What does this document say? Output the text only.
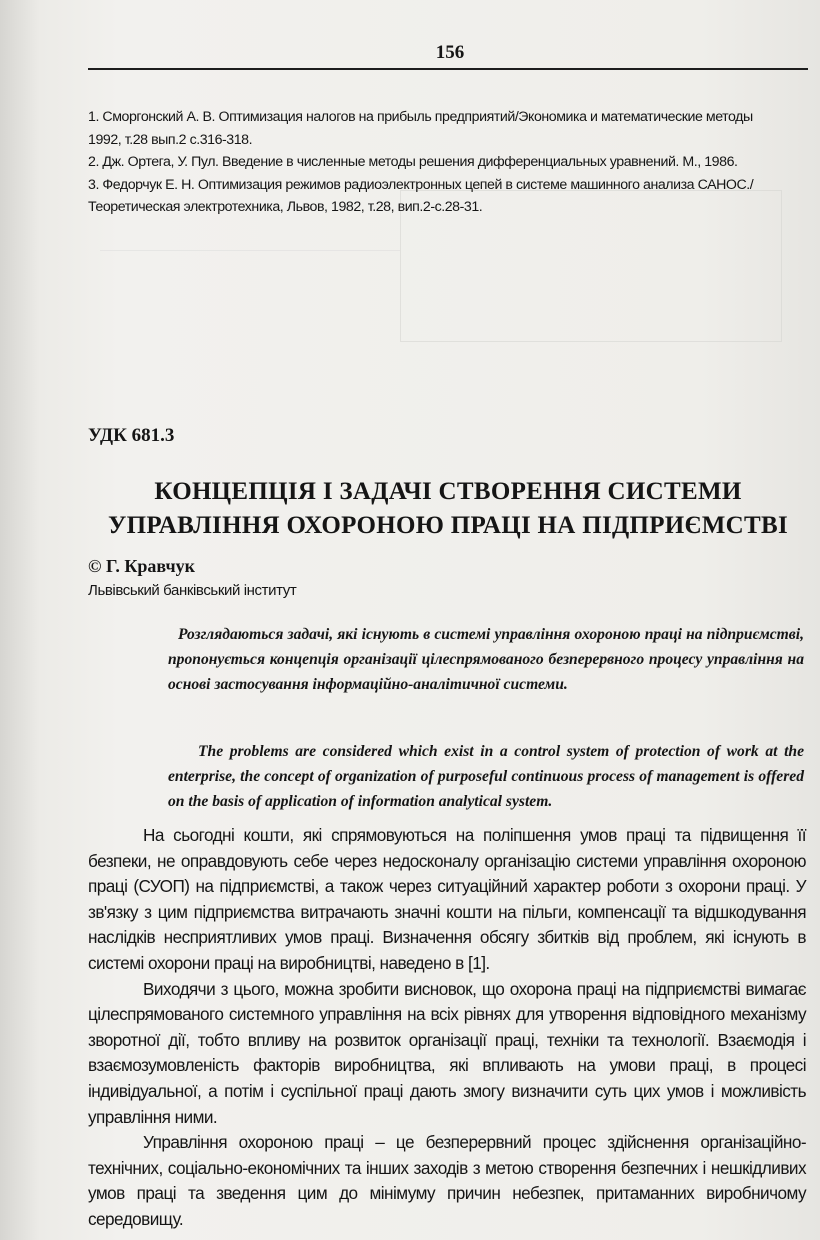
156
1. Сморгонский А. В. Оптимизация налогов на прибыль предприятий/Экономика и математические методы
1992, т.28 вып.2 с.316-318.
2. Дж. Ортега, У. Пул. Введение в численные методы решения дифференциальных уравнений. М., 1986.
3. Федорчук Е. Н. Оптимизация режимов радиоэлектронных цепей в системе машинного анализа САНОС./
Теоретическая электротехника, Львов, 1982, т.28, вип.2-с.28-31.
УДК 681.3
КОНЦЕПЦІЯ І ЗАДАЧІ СТВОРЕННЯ СИСТЕМИ
УПРАВЛІННЯ ОХОРОНОЮ ПРАЦІ НА ПІДПРИЄМСТВІ
© Г. Кравчук
Львівський банківський інститут
Розглядаються задачі, які існують в системі управління охороною праці на підприємстві, пропонується концепція організації цілеспрямованого безперервного процесу управління на основі застосування інформаційно-аналітичної системи.
The problems are considered which exist in a control system of protection of work at the enterprise, the concept of organization of purposeful continuous process of management is offered on the basis of application of information analytical system.

На сьогодні кошти, які спрямовуються на поліпшення умов праці та підвищення її безпеки, не оправдовують себе через недосконалу організацію системи управління охороною праці (СУОП) на підприємстві, а також через ситуаційний характер роботи з охорони праці. У зв'язку з цим підприємства витрачають значні кошти на пільги, компенсації та відшкодування наслідків несприятливих умов праці. Визначення обсягу збитків від проблем, які існують в системі охорони праці на виробництві, наведено в [1].

Виходячи з цього, можна зробити висновок, що охорона праці на підприємстві вимагає цілеспрямованого системного управління на всіх рівнях для утворення відповідного механізму зворотної дії, тобто впливу на розвиток організації праці, техніки та технології. Взаємодія і взаємозумовленість факторів виробництва, які впливають на умови праці, в процесі індивідуальної, а потім і суспільної праці дають змогу визначити суть цих умов і можливість управління ними.

Управління охороною праці – це безперервний процес здійснення організаційно-технічних, соціально-економічних та інших заходів з метою створення безпечних і нешкідливих умов праці та зведення цим до мінімуму причин небезпек, притаманних виробничому середовищу.
